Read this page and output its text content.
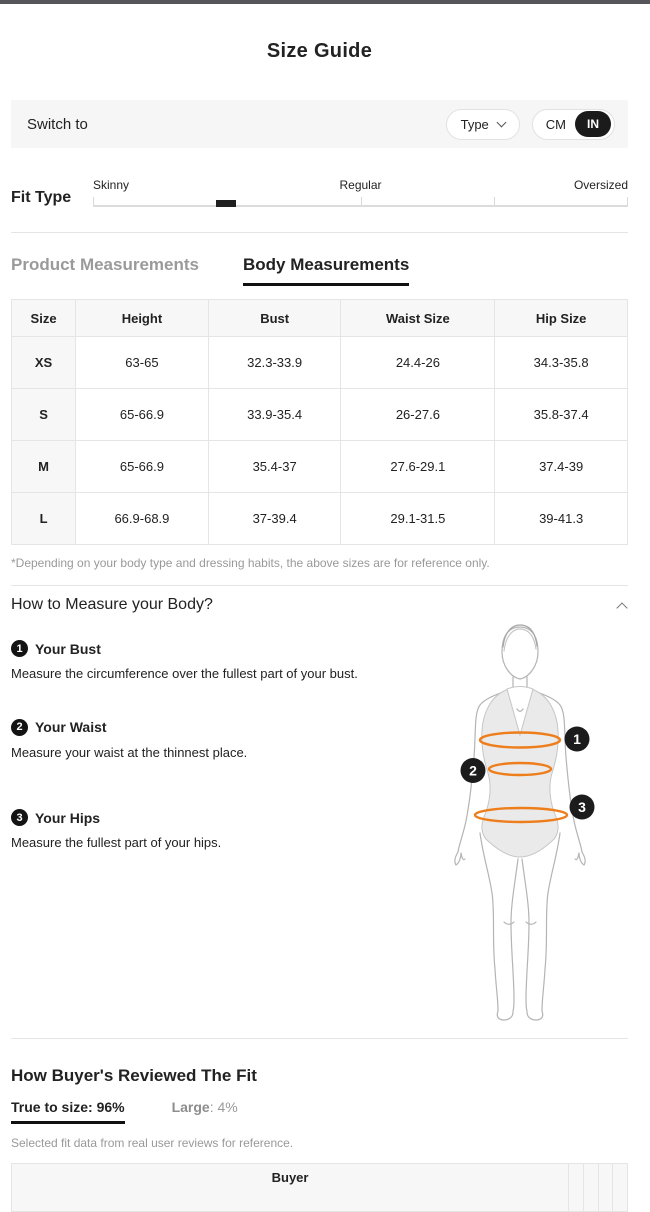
Size Guide
Switch to	Type	CM	IN
Fit Type
Skinny	Regular	Oversized
Product Measurements	Body Measurements
Size	Height	Bust	Waist Size	Hip Size
XS	63-65	32.3-33.9	24.4-26	34.3-35.8
S	65-66.9	33.9-35.4	26-27.6	35.8-37.4
M	65-66.9	35.4-37	27.6-29.1	37.4-39
L	66.9-68.9	37-39.4	29.1-31.5	39-41.3
*Depending on your body type and dressing habits, the above sizes are for reference only.
How to Measure your Body?
1 Your Bust
Measure the circumference over the fullest part of your bust.
2 Your Waist
Measure your waist at the thinnest place.
3 Your Hips
Measure the fullest part of your hips.
1
2
3
How Buyer's Reviewed The Fit
True to size: 96%	Large: 4%
Selected fit data from real user reviews for reference.
Buyer				
